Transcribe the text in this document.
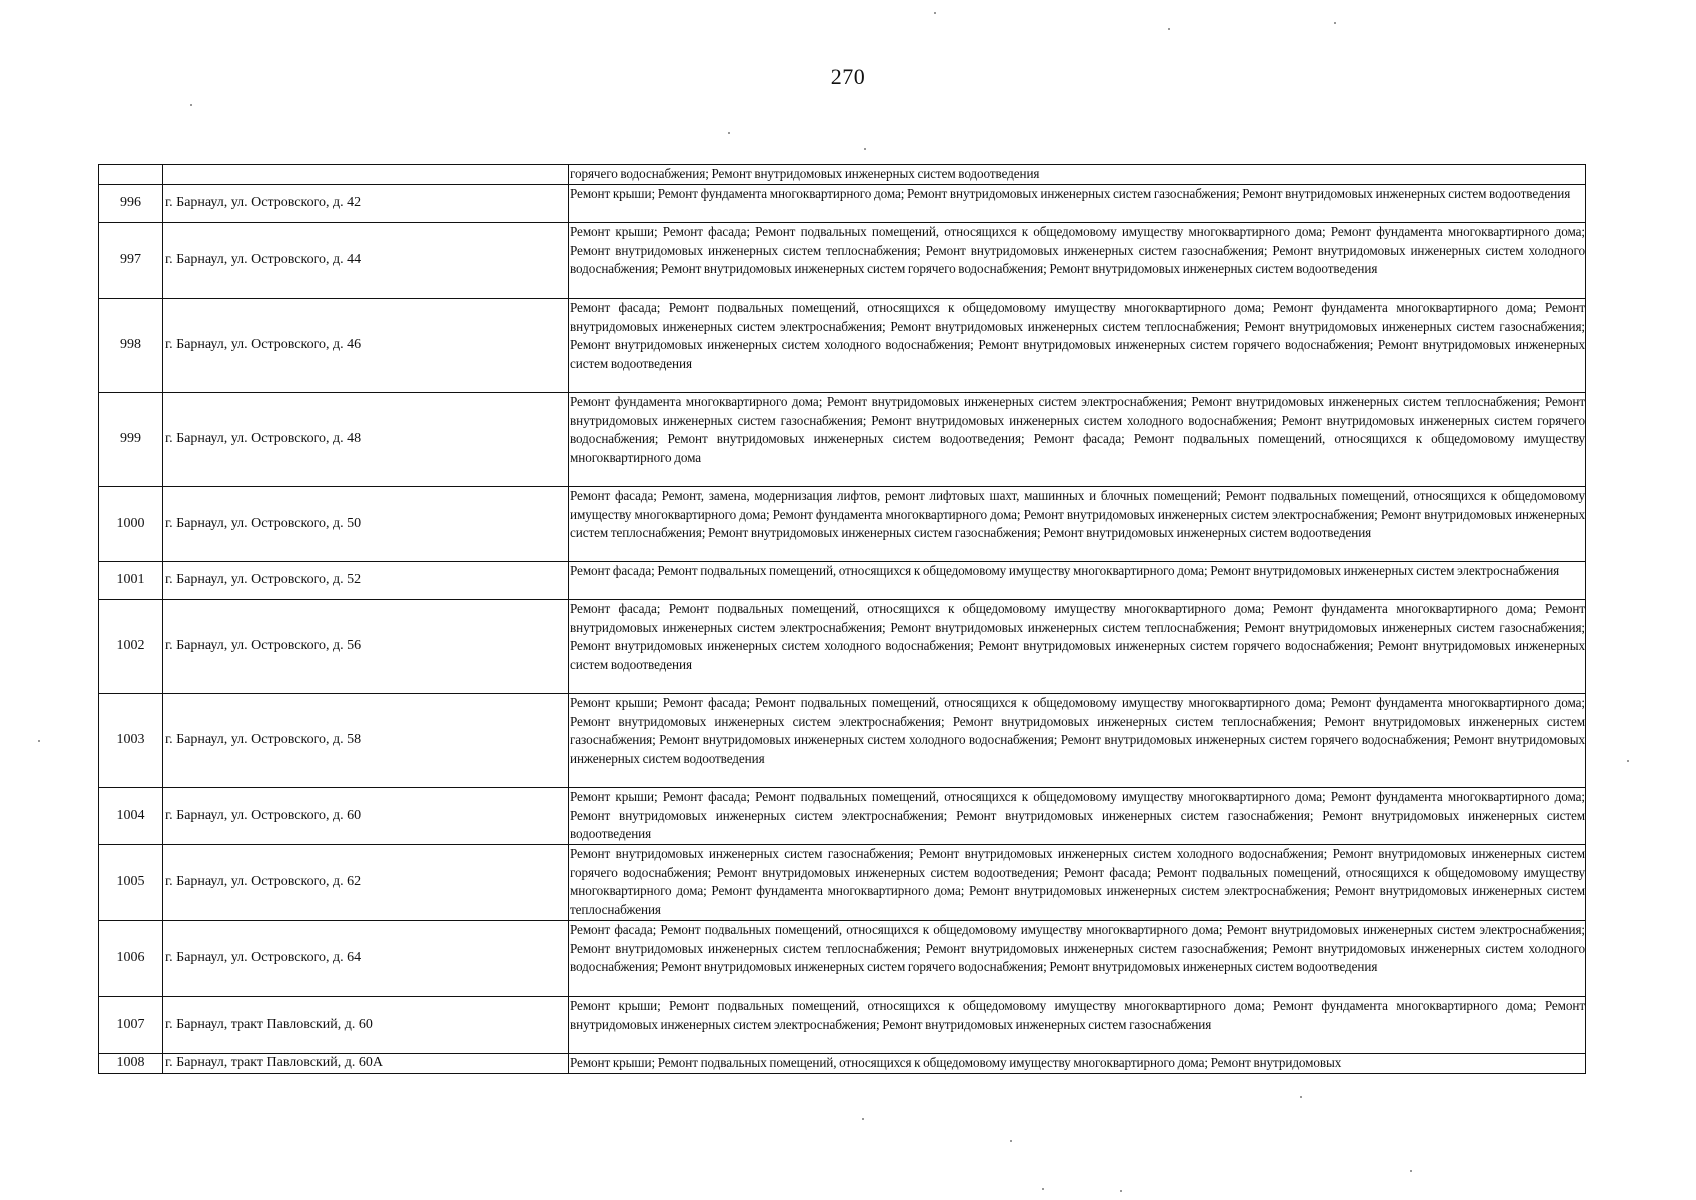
270
		горячего водоснабжения; Ремонт внутридомовых инженерных систем водоотведения
996	г. Барнаул, ул. Островского, д. 42	Ремонт крыши; Ремонт фундамента многоквартирного дома; Ремонт внутридомовых инженерных систем газоснабжения; Ремонт внутридомовых инженерных систем водоотведения
997	г. Барнаул, ул. Островского, д. 44	Ремонт крыши; Ремонт фасада; Ремонт подвальных помещений, относящихся к общедомовому имуществу многоквартирного дома; Ремонт фундамента многоквартирного дома; Ремонт внутридомовых инженерных систем теплоснабжения; Ремонт внутридомовых инженерных систем газоснабжения; Ремонт внутридомовых инженерных систем холодного водоснабжения; Ремонт внутридомовых инженерных систем горячего водоснабжения; Ремонт внутридомовых инженерных систем водоотведения
998	г. Барнаул, ул. Островского, д. 46	Ремонт фасада; Ремонт подвальных помещений, относящихся к общедомовому имуществу многоквартирного дома; Ремонт фундамента многоквартирного дома; Ремонт внутридомовых инженерных систем электроснабжения; Ремонт внутридомовых инженерных систем теплоснабжения; Ремонт внутридомовых инженерных систем газоснабжения; Ремонт внутридомовых инженерных систем холодного водоснабжения; Ремонт внутридомовых инженерных систем горячего водоснабжения; Ремонт внутридомовых инженерных систем водоотведения
999	г. Барнаул, ул. Островского, д. 48	Ремонт фундамента многоквартирного дома; Ремонт внутридомовых инженерных систем электроснабжения; Ремонт внутридомовых инженерных систем теплоснабжения; Ремонт внутридомовых инженерных систем газоснабжения; Ремонт внутридомовых инженерных систем холодного водоснабжения; Ремонт внутридомовых инженерных систем горячего водоснабжения; Ремонт внутридомовых инженерных систем водоотведения; Ремонт фасада; Ремонт подвальных помещений, относящихся к общедомовому имуществу многоквартирного дома
1000	г. Барнаул, ул. Островского, д. 50	Ремонт фасада; Ремонт, замена, модернизация лифтов, ремонт лифтовых шахт, машинных и блочных помещений; Ремонт подвальных помещений, относящихся к общедомовому имуществу многоквартирного дома; Ремонт фундамента многоквартирного дома; Ремонт внутридомовых инженерных систем электроснабжения; Ремонт внутридомовых инженерных систем теплоснабжения; Ремонт внутридомовых инженерных систем газоснабжения; Ремонт внутридомовых инженерных систем водоотведения
1001	г. Барнаул, ул. Островского, д. 52	Ремонт фасада; Ремонт подвальных помещений, относящихся к общедомовому имуществу многоквартирного дома; Ремонт внутридомовых инженерных систем электроснабжения
1002	г. Барнаул, ул. Островского, д. 56	Ремонт фасада; Ремонт подвальных помещений, относящихся к общедомовому имуществу многоквартирного дома; Ремонт фундамента многоквартирного дома; Ремонт внутридомовых инженерных систем электроснабжения; Ремонт внутридомовых инженерных систем теплоснабжения; Ремонт внутридомовых инженерных систем газоснабжения; Ремонт внутридомовых инженерных систем холодного водоснабжения; Ремонт внутридомовых инженерных систем горячего водоснабжения; Ремонт внутридомовых инженерных систем водоотведения
1003	г. Барнаул, ул. Островского, д. 58	Ремонт крыши; Ремонт фасада; Ремонт подвальных помещений, относящихся к общедомовому имуществу многоквартирного дома; Ремонт фундамента многоквартирного дома; Ремонт внутридомовых инженерных систем электроснабжения; Ремонт внутридомовых инженерных систем теплоснабжения; Ремонт внутридомовых инженерных систем газоснабжения; Ремонт внутридомовых инженерных систем холодного водоснабжения; Ремонт внутридомовых инженерных систем горячего водоснабжения; Ремонт внутридомовых инженерных систем водоотведения
1004	г. Барнаул, ул. Островского, д. 60	Ремонт крыши; Ремонт фасада; Ремонт подвальных помещений, относящихся к общедомовому имуществу многоквартирного дома; Ремонт фундамента многоквартирного дома; Ремонт внутридомовых инженерных систем электроснабжения; Ремонт внутридомовых инженерных систем газоснабжения; Ремонт внутридомовых инженерных систем водоотведения
1005	г. Барнаул, ул. Островского, д. 62	Ремонт внутридомовых инженерных систем газоснабжения; Ремонт внутридомовых инженерных систем холодного водоснабжения; Ремонт внутридомовых инженерных систем горячего водоснабжения; Ремонт внутридомовых инженерных систем водоотведения; Ремонт фасада; Ремонт подвальных помещений, относящихся к общедомовому имуществу многоквартирного дома; Ремонт фундамента многоквартирного дома; Ремонт внутридомовых инженерных систем электроснабжения; Ремонт внутридомовых инженерных систем теплоснабжения
1006	г. Барнаул, ул. Островского, д. 64	Ремонт фасада; Ремонт подвальных помещений, относящихся к общедомовому имуществу многоквартирного дома; Ремонт внутридомовых инженерных систем электроснабжения; Ремонт внутридомовых инженерных систем теплоснабжения; Ремонт внутридомовых инженерных систем газоснабжения; Ремонт внутридомовых инженерных систем холодного водоснабжения; Ремонт внутридомовых инженерных систем горячего водоснабжения; Ремонт внутридомовых инженерных систем водоотведения
1007	г. Барнаул, тракт Павловский, д. 60	Ремонт крыши; Ремонт подвальных помещений, относящихся к общедомовому имуществу многоквартирного дома; Ремонт фундамента многоквартирного дома; Ремонт внутридомовых инженерных систем электроснабжения; Ремонт внутридомовых инженерных систем газоснабжения
1008	г. Барнаул, тракт Павловский, д. 60А	Ремонт крыши; Ремонт подвальных помещений, относящихся к общедомовому имуществу многоквартирного дома; Ремонт внутридомовых
